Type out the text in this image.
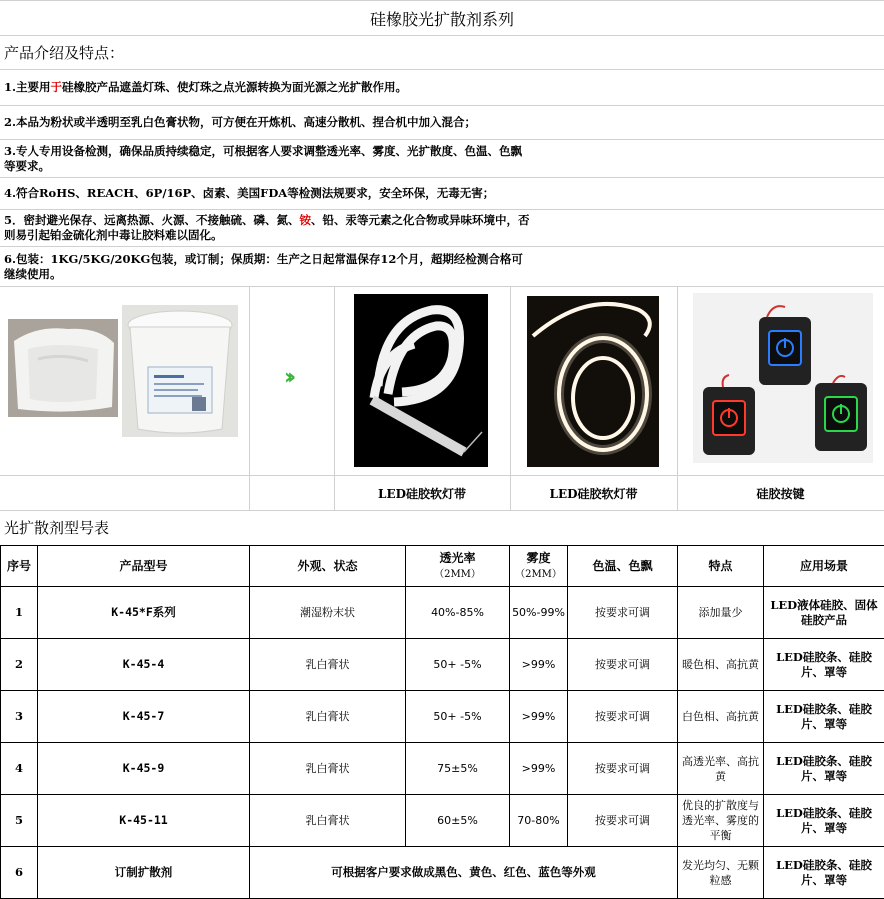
硅橡胶光扩散剂系列
产品介绍及特点：
1.主要用于硅橡胶产品遮盖灯珠、使灯珠之点光源转换为面光源之光扩散作用。
2.本品为粉状或半透明至乳白色膏状物，可方便在开炼机、高速分散机、捏合机中加入混合；
3.专人专用设备检测，确保品质持续稳定，可根据客人要求调整透光率、雾度、光扩散度、色温、色飘等要求。
4.符合RoHS、REACH、6P/16P、卤素、美国FDA等检测法规要求，安全环保，无毒无害；
5．密封避光保存、远离热源、火源、不接触硫、磷、氮、铵、铅、汞等元素之化合物或异味环境中，否则易引起铂金硫化剂中毒让胶料难以固化。
6.包装：1KG/5KG/20KG包装，或订制；保质期：生产之日起常温保存12个月，超期经检测合格可继续使用。
››
LED硅胶软灯带	LED硅胶软灯带	硅胶按键
光扩散剂型号表
序号	产品型号	外观、状态	透光率
（2MM）	雾度
（2MM）	色温、色飘	特点	应用场景
1	K-45*F系列	潮湿粉末状	40%-85%	50%-99%	按要求可调	添加量少	LED液体硅胶、固体硅胶产品
2	K-45-4	乳白膏状	50+ -5%	>99%	按要求可调	暖色相、高抗黄	LED硅胶条、硅胶片、罩等
3	K-45-7	乳白膏状	50+ -5%	>99%	按要求可调	白色相、高抗黄	LED硅胶条、硅胶片、罩等
4	K-45-9	乳白膏状	75±5%	>99%	按要求可调	高透光率、高抗黄	LED硅胶条、硅胶片、罩等
5	K-45-11	乳白膏状	60±5%	70-80%	按要求可调	优良的扩散度与透光率、雾度的平衡	LED硅胶条、硅胶片、罩等
6	订制扩散剂	可根据客户要求做成黑色、黄色、红色、蓝色等外观				发光均匀、无颗粒感	LED硅胶条、硅胶片、罩等
